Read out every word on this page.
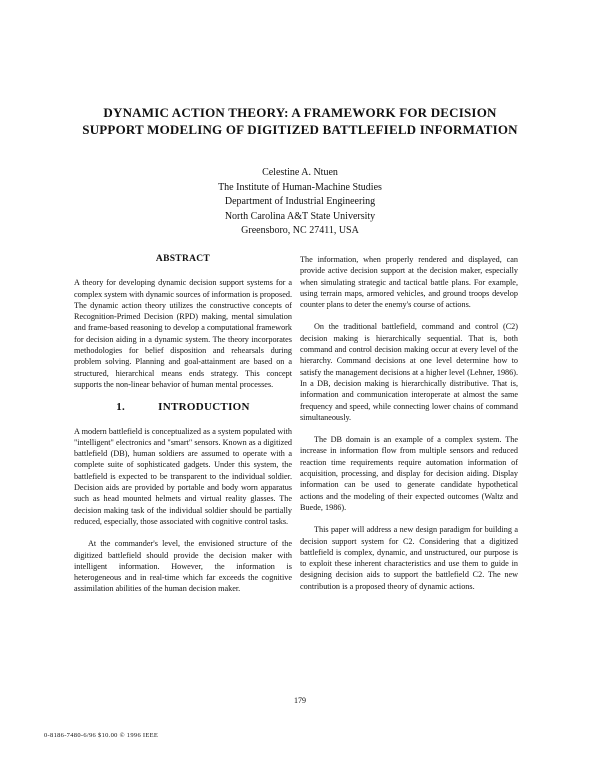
DYNAMIC ACTION THEORY: A FRAMEWORK FOR DECISION
SUPPORT MODELING OF DIGITIZED BATTLEFIELD INFORMATION
Celestine A. Ntuen
The Institute of Human-Machine Studies
Department of Industrial Engineering
North Carolina A&T State University
Greensboro, NC 27411, USA
ABSTRACT

A theory for developing dynamic decision support systems for a complex system with dynamic sources of information is proposed. The dynamic action theory utilizes the constructive concepts of Recognition-Primed Decision (RPD) making, mental simulation and frame-based reasoning to develop a computational framework for decision aiding in a dynamic system. The theory incorporates methodologies for belief disposition and rehearsals during problem solving. Planning and goal-attainment are based on a structured, hierarchical means ends strategy. This concept supports the non-linear behavior of human mental processes.

1.	INTRODUCTION

A modern battlefield is conceptualized as a system populated with "intelligent" electronics and "smart" sensors. Known as a digitized battlefield (DB), human soldiers are assumed to operate with a complete suite of sophisticated gadgets. Under this system, the battlefield is expected to be transparent to the individual soldier. Decision aids are provided by portable and body worn apparatus such as head mounted helmets and virtual reality glasses. The decision making task of the individual soldier should be partially reduced, especially, those associated with cognitive control tasks.

At the commander's level, the envisioned structure of the digitized battlefield should provide the decision maker with intelligent information. However, the information is heterogeneous and in real-time which far exceeds the cognitive assimilation abilities of the human decision maker.

The information, when properly rendered and displayed, can provide active decision support at the decision maker, especially when simulating strategic and tactical battle plans. For example, using terrain maps, armored vehicles, and ground troops develop counter plans to deter the enemy's course of actions.

On the traditional battlefield, command and control (C2) decision making is hierarchically sequential. That is, both command and control decision making occur at every level of the hierarchy. Command decisions at one level determine how to satisfy the management decisions at a higher level (Lehner, 1986). In a DB, decision making is hierarchically distributive. That is, information and communication interoperate at almost the same frequency and speed, while connecting lower chains of command simultaneously.

The DB domain is an example of a complex system. The increase in information flow from multiple sensors and reduced reaction time requirements require automation information of acquisition, processing, and display for decision aiding. Display information can be used to generate candidate hypothetical actions and the modeling of their expected outcomes (Waltz and Buede, 1986).

This paper will address a new design paradigm for building a decision support system for C2. Considering that a digitized battlefield is complex, dynamic, and unstructured, our purpose is to exploit these inherent characteristics and use them to guide in designing decision aids to support the battlefield C2. The new contribution is a proposed theory of dynamic actions.

179
0-8186-7480-6/96 $10.00 © 1996 IEEE
